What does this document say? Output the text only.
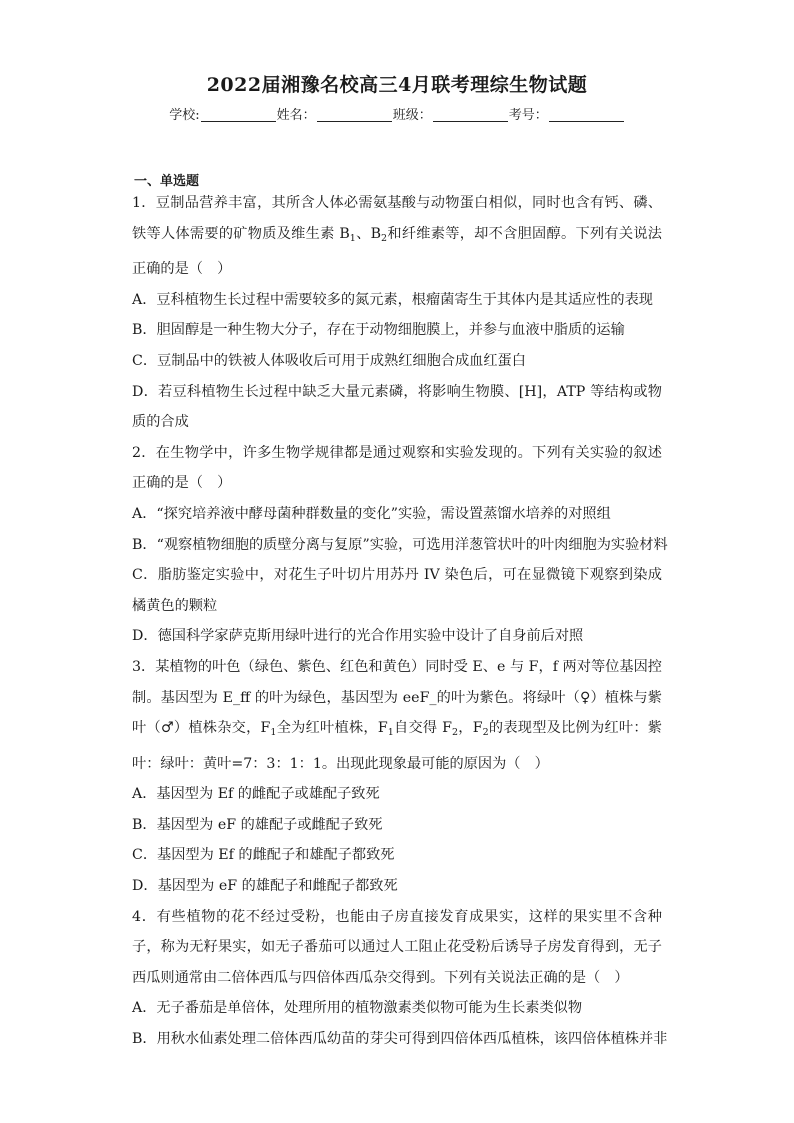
2022届湘豫名校高三4月联考理综生物试题
学校:	姓名：	班级：	考号：
一、单选题

1．豆制品营养丰富，其所含人体必需氨基酸与动物蛋白相似，同时也含有钙、磷、铁等人体需要的矿物质及维生素 $B_1$、$B_2$和纤维素等，却不含胆固醇。下列有关说法正确的是（　）

A．豆科植物生长过程中需要较多的氮元素，根瘤菌寄生于其体内是其适应性的表现

B．胆固醇是一种生物大分子，存在于动物细胞膜上，并参与血液中脂质的运输

C．豆制品中的铁被人体吸收后可用于成熟红细胞合成血红蛋白

D．若豆科植物生长过程中缺乏大量元素磷，将影响生物膜、[H]，ATP 等结构或物质的合成

2．在生物学中，许多生物学规律都是通过观察和实验发现的。下列有关实验的叙述正确的是（　）

A．“探究培养液中酵母菌种群数量的变化”实验，需设置蒸馏水培养的对照组

B．“观察植物细胞的质壁分离与复原”实验，可选用洋葱管状叶的叶肉细胞为实验材料

C．脂肪鉴定实验中，对花生子叶切片用苏丹 IV 染色后，可在显微镜下观察到染成橘黄色的颗粒

D．德国科学家萨克斯用绿叶进行的光合作用实验中设计了自身前后对照

3．某植物的叶色（绿色、紫色、红色和黄色）同时受 E、e 与 F，f 两对等位基因控制。基因型为 E_ff 的叶为绿色，基因型为 eeF_的叶为紫色。将绿叶（♀）植株与紫叶（♂）植株杂交，$F_1$全为红叶植株，$F_1$自交得 $F_2$，$F_2$的表现型及比例为红叶：紫叶：绿叶：黄叶=7：3：1：1。出现此现象最可能的原因为（　）

A．基因型为 Ef 的雌配子或雄配子致死

B．基因型为 eF 的雄配子或雌配子致死

C．基因型为 Ef 的雌配子和雄配子都致死

D．基因型为 eF 的雄配子和雌配子都致死

4．有些植物的花不经过受粉，也能由子房直接发育成果实，这样的果实里不含种子，称为无籽果实，如无子番茄可以通过人工阻止花受粉后诱导子房发育得到，无子西瓜则通常由二倍体西瓜与四倍体西瓜杂交得到。下列有关说法正确的是（　）

A．无子番茄是单倍体，处理所用的植物激素类似物可能为生长素类似物

B．用秋水仙素处理二倍体西瓜幼苗的芽尖可得到四倍体西瓜植株，该四倍体植株并非
